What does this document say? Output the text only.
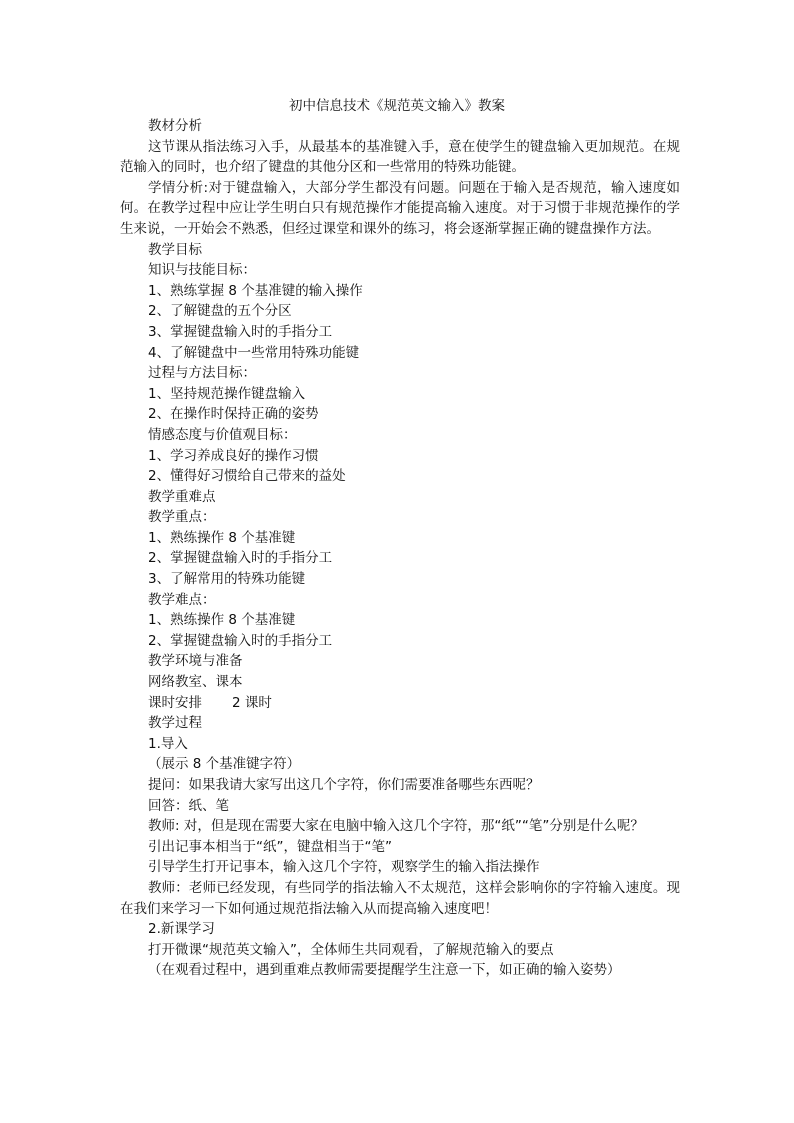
初中信息技术《规范英文输入》教案

教材分析

这节课从指法练习入手，从最基本的基准键入手，意在使学生的键盘输入更加规范。在规范输入的同时，也介绍了键盘的其他分区和一些常用的特殊功能键。

学情分析:对于键盘输入，大部分学生都没有问题。问题在于输入是否规范，输入速度如何。在教学过程中应让学生明白只有规范操作才能提高输入速度。对于习惯于非规范操作的学生来说，一开始会不熟悉，但经过课堂和课外的练习，将会逐渐掌握正确的键盘操作方法。

教学目标

知识与技能目标：

1、熟练掌握 8 个基准键的输入操作

2、了解键盘的五个分区

3、掌握键盘输入时的手指分工

4、了解键盘中一些常用特殊功能键

过程与方法目标：

1、坚持规范操作键盘输入

2、在操作时保持正确的姿势

情感态度与价值观目标：

1、学习养成良好的操作习惯

2、懂得好习惯给自己带来的益处

教学重难点

教学重点：

1、熟练操作 8 个基准键

2、掌握键盘输入时的手指分工

3、了解常用的特殊功能键

教学难点：

1、熟练操作 8 个基准键

2、掌握键盘输入时的手指分工

教学环境与准备

网络教室、课本

课时安排       2 课时

教学过程

1.导入

（展示 8 个基准键字符）

提问：如果我请大家写出这几个字符，你们需要准备哪些东西呢？

回答：纸、笔

教师: 对，但是现在需要大家在电脑中输入这几个字符，那“纸”“笔”分别是什么呢？

引出记事本相当于“纸”，键盘相当于“笔”

引导学生打开记事本，输入这几个字符，观察学生的输入指法操作

教师：老师已经发现，有些同学的指法输入不太规范，这样会影响你的字符输入速度。现在我们来学习一下如何通过规范指法输入从而提高输入速度吧！

2.新课学习

打开微课“规范英文输入”，全体师生共同观看，了解规范输入的要点

（在观看过程中，遇到重难点教师需要提醒学生注意一下，如正确的输入姿势）
